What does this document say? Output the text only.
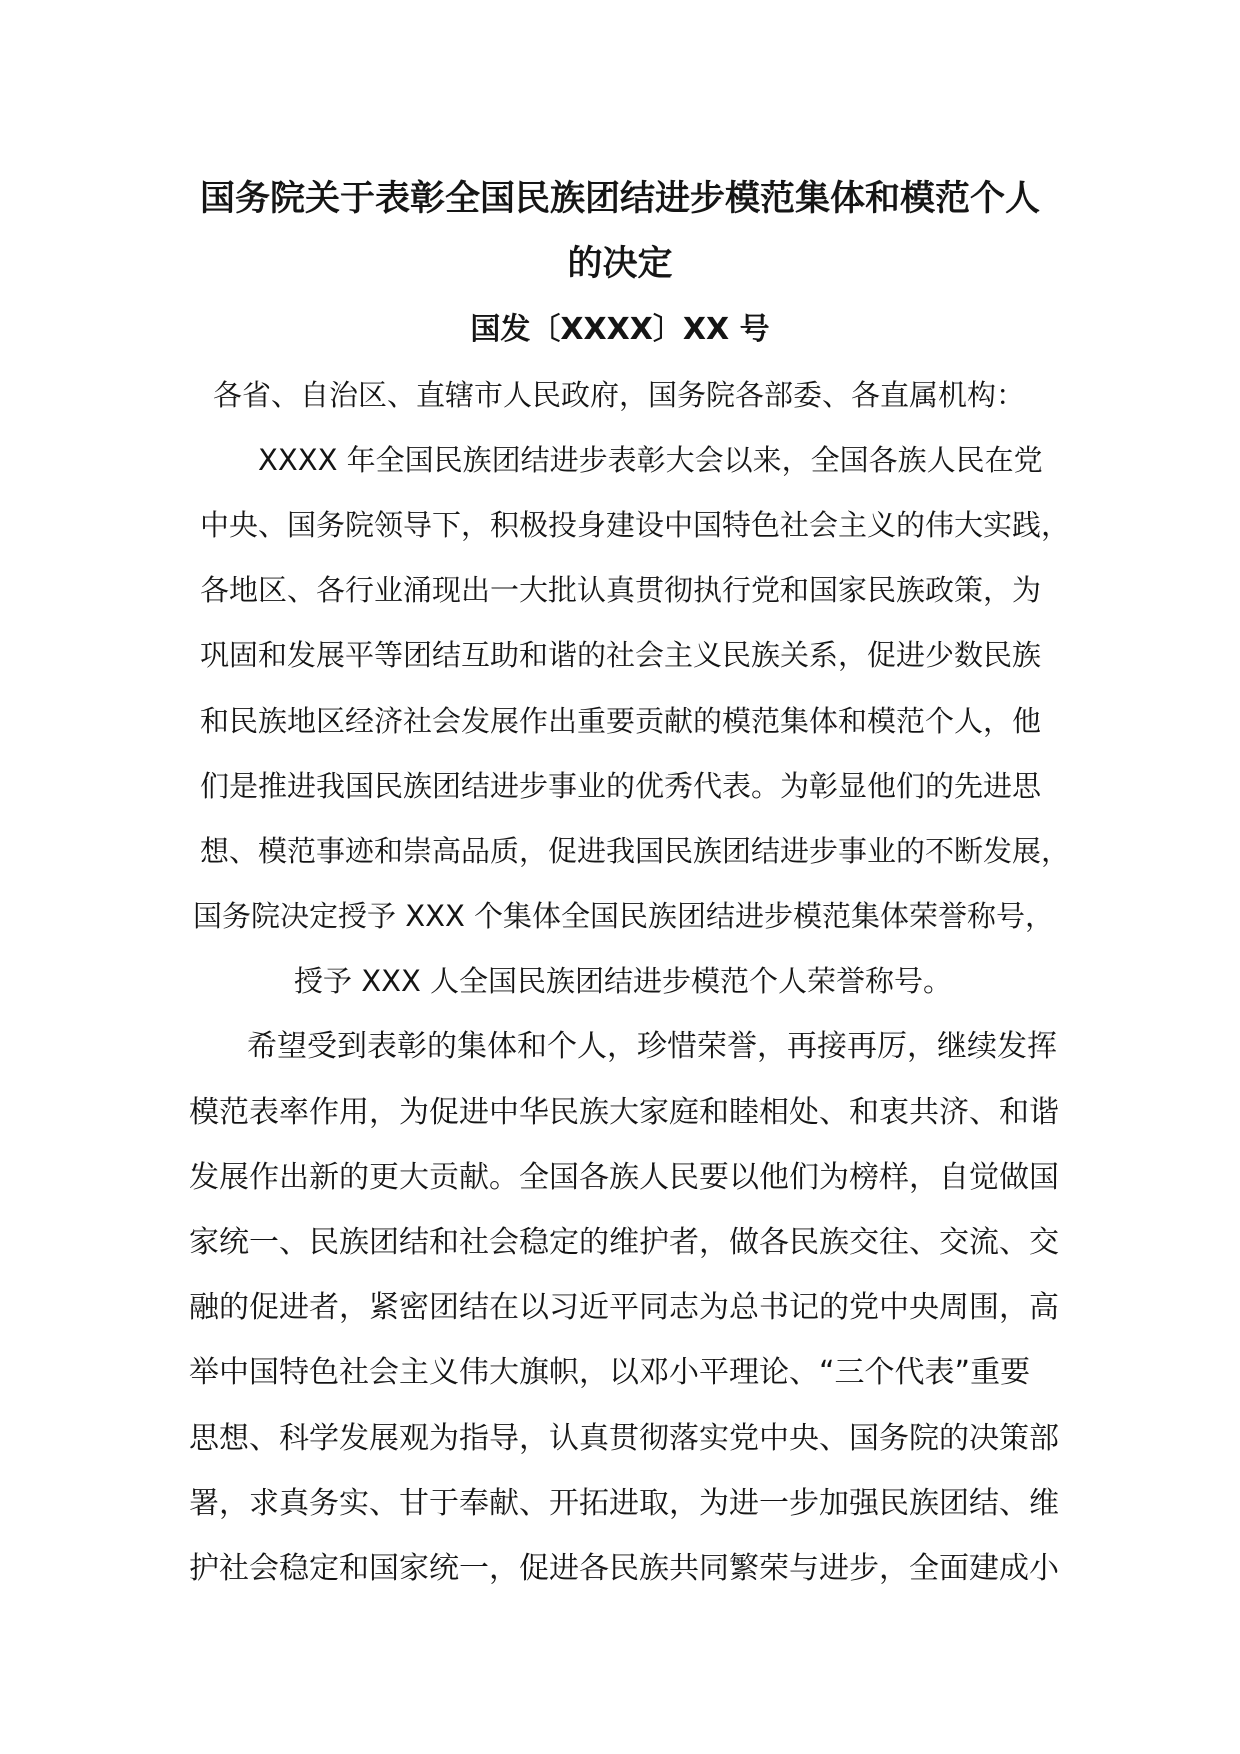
国务院关于表彰全国民族团结进步模范集体和模范个人
的决定
国发〔XXXX〕XX 号
各省、自治区、直辖市人民政府，国务院各部委、各直属机构：
XXXX 年全国民族团结进步表彰大会以来，全国各族人民在党
中央、国务院领导下，积极投身建设中国特色社会主义的伟大实践，
各地区、各行业涌现出一大批认真贯彻执行党和国家民族政策，为
巩固和发展平等团结互助和谐的社会主义民族关系，促进少数民族
和民族地区经济社会发展作出重要贡献的模范集体和模范个人，他
们是推进我国民族团结进步事业的优秀代表。为彰显他们的先进思
想、模范事迹和崇高品质，促进我国民族团结进步事业的不断发展，
国务院决定授予 XXX 个集体全国民族团结进步模范集体荣誉称号，
授予 XXX 人全国民族团结进步模范个人荣誉称号。
希望受到表彰的集体和个人，珍惜荣誉，再接再厉，继续发挥
模范表率作用，为促进中华民族大家庭和睦相处、和衷共济、和谐
发展作出新的更大贡献。全国各族人民要以他们为榜样，自觉做国
家统一、民族团结和社会稳定的维护者，做各民族交往、交流、交
融的促进者，紧密团结在以习近平同志为总书记的党中央周围，高
举中国特色社会主义伟大旗帜，以邓小平理论、“三个代表”重要
思想、科学发展观为指导，认真贯彻落实党中央、国务院的决策部
署，求真务实、甘于奉献、开拓进取，为进一步加强民族团结、维
护社会稳定和国家统一，促进各民族共同繁荣与进步，全面建成小
